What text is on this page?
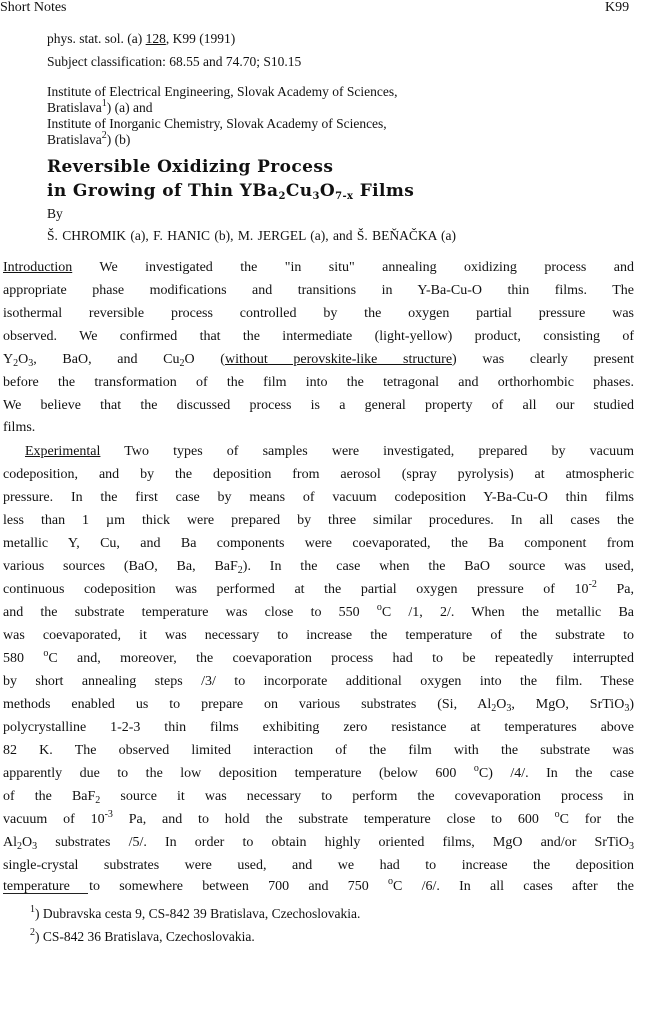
Short Notes	K99
phys. stat. sol. (a) 128, K99 (1991)
Subject classification: 68.55 and 74.70; S10.15
Institute of Electrical Engineering, Slovak Academy of Sciences,
Bratislava$^1$) (a) and
Institute of Inorganic Chemistry, Slovak Academy of Sciences,
Bratislava$^2$) (b)
Reversible Oxidizing Process
in Growing of Thin $YBa_2Cu_3O_{7-x}$ Films
By
Š. CHROMIK (a), F. HANIC (b), M. JERGEL (a), and Š. BEŇAČKA (a)
Introduction We investigated the "in situ" annealing oxidizing process and
appropriate phase modifications and transitions in Y-Ba-Cu-O thin films. The
isothermal reversible process controlled by the oxygen partial pressure was
observed. We confirmed that the intermediate (light-yellow) product, consisting of
$Y_2O_3$, BaO, and $Cu_2O$ (without perovskite-like structure) was clearly present
before the transformation of the film into the tetragonal and orthorhombic phases.
We believe that the discussed process is a general property of all our studied
films.
Experimental Two types of samples were investigated, prepared by vacuum
codeposition, and by the deposition from aerosol (spray pyrolysis) at atmospheric
pressure. In the first case by means of vacuum codeposition Y-Ba-Cu-O thin films
less than 1 µm thick were prepared by three similar procedures. In all cases the
metallic Y, Cu, and Ba components were coevaporated, the Ba component from
various sources (BaO, Ba, BaF$_2$). In the case when the BaO source was used,
continuous codeposition was performed at the partial oxygen pressure of $10^{-2}$ Pa,
and the substrate temperature was close to 550 $^o$C /1, 2/. When the metallic Ba
was coevaporated, it was necessary to increase the temperature of the substrate to
580 $^o$C and, moreover, the coevaporation process had to be repeatedly interrupted
by short annealing steps /3/ to incorporate additional oxygen into the film. These
methods enabled us to prepare on various substrates (Si, $Al_2O_3$, MgO, SrTiO$_3$)
polycrystalline 1-2-3 thin films exhibiting zero resistance at temperatures above
82 K. The observed limited interaction of the film with the substrate was
apparently due to the low deposition temperature (below 600 $^o$C) /4/. In the case
of the BaF$_2$ source it was necessary to perform the covevaporation process in
vacuum of $10^{-3}$ Pa, and to hold the substrate temperature close to 600 $^o$C for the
$Al_2O_3$ substrates /5/. In order to obtain highly oriented films, MgO and/or SrTiO$_3$
single-crystal substrates were used, and we had to increase the deposition
temperature to somewhere between 700 and 750 $^o$C /6/. In all cases after the
$^1$) Dubravska cesta 9, CS-842 39 Bratislava, Czechoslovakia.
$^2$) CS-842 36 Bratislava, Czechoslovakia.
